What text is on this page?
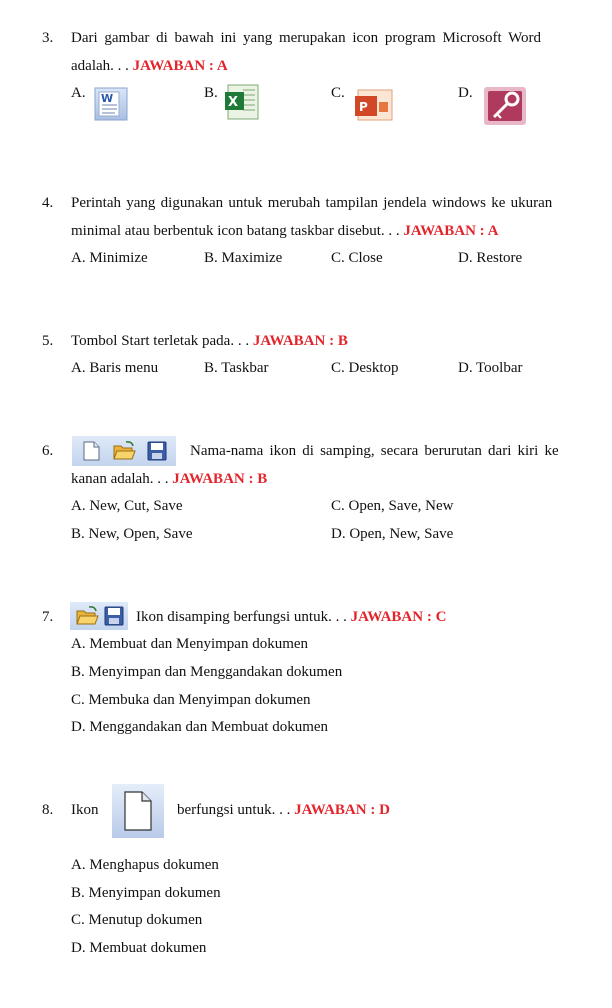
3. Dari gambar di bawah ini yang merupakan icon program Microsoft Word
adalah. . . JAWABAN : A
A. W	B.
X
C.
P
D.
4. Perintah yang digunakan untuk merubah tampilan jendela windows ke ukuran
minimal atau berbentuk icon batang taskbar disebut. . . JAWABAN : A
A. Minimize	B. Maximize	C. Close	D. Restore
5. Tombol Start terletak pada. . . JAWABAN : B
A. Baris menu	B. Taskbar	C. Desktop	D. Toolbar
6.	Nama-nama ikon di samping, secara berurutan dari kiri ke
kanan adalah. . . JAWABAN : B
A. New, Cut, Save	C. Open, Save, New
B. New, Open, Save	D. Open, New, Save
7.	Ikon disamping berfungsi untuk. . . JAWABAN : C
A. Membuat dan Menyimpan dokumen
B. Menyimpan dan Menggandakan dokumen
C. Membuka dan Menyimpan dokumen
D. Menggandakan dan Membuat dokumen
8. Ikon	berfungsi untuk. . . JAWABAN : D
A. Menghapus dokumen
B. Menyimpan dokumen
C. Menutup dokumen
D. Membuat dokumen
